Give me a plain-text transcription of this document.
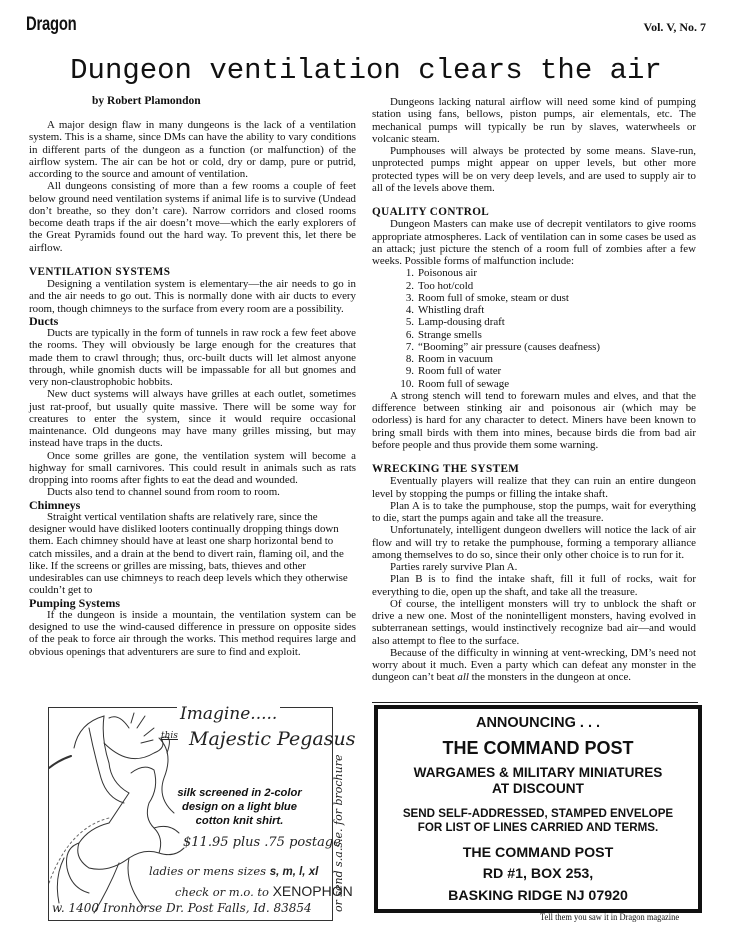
Dragon	Vol. V, No. 7
Dungeon ventilation clears the air
by Robert Plamondon

A major design flaw in many dungeons is the lack of a ventilation system. This is a shame, since DMs can have the ability to vary conditions in different parts of the dungeon as a function (or malfunction) of the airflow system. The air can be hot or cold, dry or damp, pure or putrid, according to the source and amount of ventilation.

All dungeons consisting of more than a few rooms a couple of feet below ground need ventilation systems if animal life is to survive (Undead don’t breathe, so they don’t care). Narrow corridors and closed rooms become death traps if the air doesn’t move—which the early explorers of the Great Pyramids found out the hard way. To prevent this, let there be airflow.

VENTILATION SYSTEMS

Designing a ventilation system is elementary—the air needs to go in and the air needs to go out. This is normally done with air ducts to every room, though chimneys to the surface from every room are a possibility.

Ducts

Ducts are typically in the form of tunnels in raw rock a few feet above the rooms. They will obviously be large enough for the creatures that made them to crawl through; thus, orc-built ducts will let almost anyone through, while gnomish ducts will be impassable for all but gnomes and very non-claustrophobic hobbits.

New duct systems will always have grilles at each outlet, sometimes just rat-proof, but usually quite massive. There will be some way for creatures to enter the system, since it would require occasional maintenance. Old dungeons may have many grilles missing, but may instead have traps in the ducts.

Once some grilles are gone, the ventilation system will become a highway for small carnivores. This could result in animals such as rats dropping into rooms after fights to eat the dead and wounded.

Ducts also tend to channel sound from room to room.

Chimneys

Straight vertical ventilation shafts are relatively rare, since the designer would have disliked looters continually dropping things down them. Each chimney should have at least one sharp horizontal bend to catch missiles, and a drain at the bend to divert rain, flaming oil, and the like. If the screens or grilles are missing, bats, thieves and other undesirables can use chimneys to reach deep levels which they otherwise couldn’t get to

Pumping Systems

If the dungeon is inside a mountain, the ventilation system can be designed to use the wind-caused difference in pressure on opposite sides of the peak to force air through the works. This method requires large and obvious openings that adventurers are sure to find and exploit.

Dungeons lacking natural airflow will need some kind of pumping station using fans, bellows, piston pumps, air elementals, etc. The mechanical pumps will typically be run by slaves, waterwheels or volcanic steam.

Pumphouses will always be protected by some means. Slave-run, unprotected pumps might appear on upper levels, but other more protected types will be on very deep levels, and are used to supply air to all of the levels above them.

QUALITY CONTROL

Dungeon Masters can make use of decrepit ventilators to give rooms appropriate atmospheres. Lack of ventilation can in some cases be used as an attack; just picture the stench of a room full of zombies after a few weeks. Possible forms of malfunction include:

1. Poisonous air
2. Too hot/cold
3. Room full of smoke, steam or dust
4. Whistling draft
5. Lamp-dousing draft
6. Strange smells
7. “Booming” air pressure (causes deafness)
8. Room in vacuum
9. Room full of water
10. Room full of sewage

A strong stench will tend to forewarn mules and elves, and that the difference between stinking air and poisonous air (which may be odorless) is hard for any character to detect. Miners have been known to bring small birds with them into mines, because birds die from bad air before people and thus provide them some warning.

WRECKING THE SYSTEM

Eventually players will realize that they can ruin an entire dungeon level by stopping the pumps or filling the intake shaft.

Plan A is to take the pumphouse, stop the pumps, wait for everything to die, start the pumps again and take all the treasure.

Unfortunately, intelligent dungeon dwellers will notice the lack of air flow and will try to retake the pumphouse, forming a temporary alliance among themselves to do so, since their only other choice is to run for it.

Parties rarely survive Plan A.

Plan B is to find the intake shaft, fill it full of rocks, wait for everything to die, open up the shaft, and take all the treasure.

Of course, the intelligent monsters will try to unblock the shaft or drive a new one. Most of the nonintelligent monsters, having evolved in subterranean settings, would instinctively recognize bad air—and would also attempt to flee to the surface.

Because of the difficulty in winning at vent-wrecking, DM’s need not worry about it much. Even a party which can defeat any monster in the dungeon can’t beat all the monsters in the dungeon at once.

Imagine.....
this Majestic Pegasus
silk screened in 2-color
design on a light blue
cotton knit shirt.
$11.95 plus .75 postage
ladies or mens sizes s, m, l, xl
check or m.o. to XENOPHON
w. 1400 Ironhorse Dr. Post Falls, Id. 83854 or send s.a.s.e. for brochure
ANNOUNCING . . .
THE COMMAND POST
WARGAMES & MILITARY MINIATURES
AT DISCOUNT
SEND SELF-ADDRESSED, STAMPED ENVELOPE
FOR LIST OF LINES CARRIED AND TERMS.
THE COMMAND POST
RD #1, BOX 253,
BASKING RIDGE NJ 07920
Tell them you saw it in Dragon magazine
